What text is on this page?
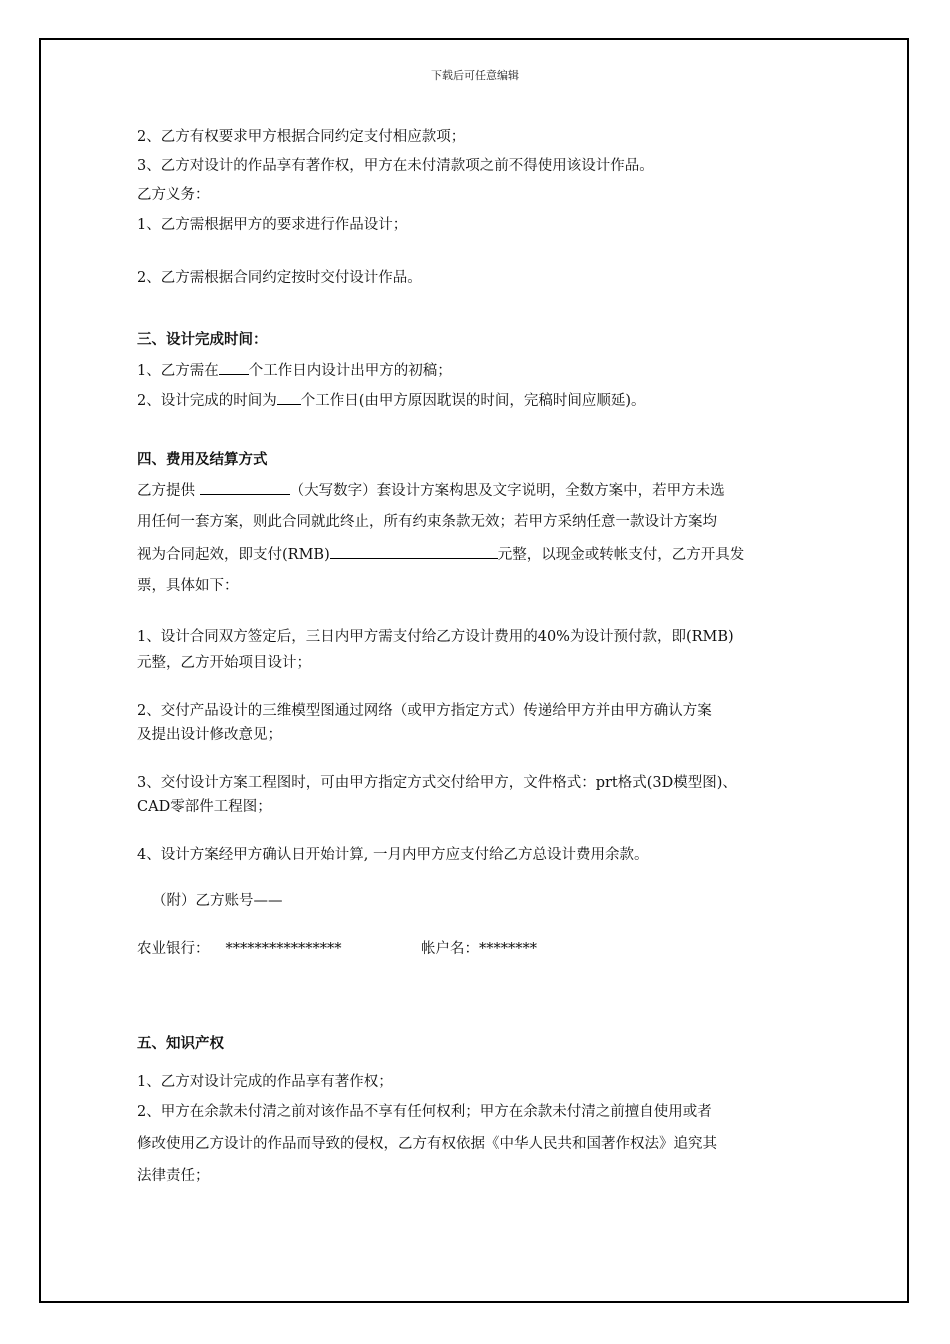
下载后可任意编辑
2、乙方有权要求甲方根据合同约定支付相应款项；
3、乙方对设计的作品享有著作权，甲方在未付清款项之前不得使用该设计作品。
乙方义务：
1、乙方需根据甲方的要求进行作品设计；
2、乙方需根据合同约定按时交付设计作品。
三、设计完成时间：
1、乙方需在 个工作日内设计出甲方的初稿；
2、设计完成的时间为 个工作日(由甲方原因耽误的时间，完稿时间应顺延)。
四、费用及结算方式
乙方提供	（大写数字）套设计方案构思及文字说明，全数方案中，若甲方未选
用任何一套方案，则此合同就此终止，所有约束条款无效；若甲方采纳任意一款设计方案均
视为合同起效，即支付(RMB)	元整，以现金或转帐支付，乙方开具发
票，具体如下：
1、设计合同双方签定后，三日内甲方需支付给乙方设计费用的40%为设计预付款，即(RMB)
元整，乙方开始项目设计；
2、交付产品设计的三维模型图通过网络（或甲方指定方式）传递给甲方并由甲方确认方案
及提出设计修改意见；
3、交付设计方案工程图时，可由甲方指定方式交付给甲方，文件格式：prt格式(3D模型图)、
CAD零部件工程图；
4、设计方案经甲方确认日开始计算, 一月内甲方应支付给乙方总设计费用余款。
（附）乙方账号——
农业银行： ****************	帐户名：********
五、知识产权
1、乙方对设计完成的作品享有著作权；
2、甲方在余款未付清之前对该作品不享有任何权利；甲方在余款未付清之前擅自使用或者
修改使用乙方设计的作品而导致的侵权，乙方有权依据《中华人民共和国著作权法》追究其
法律责任；
